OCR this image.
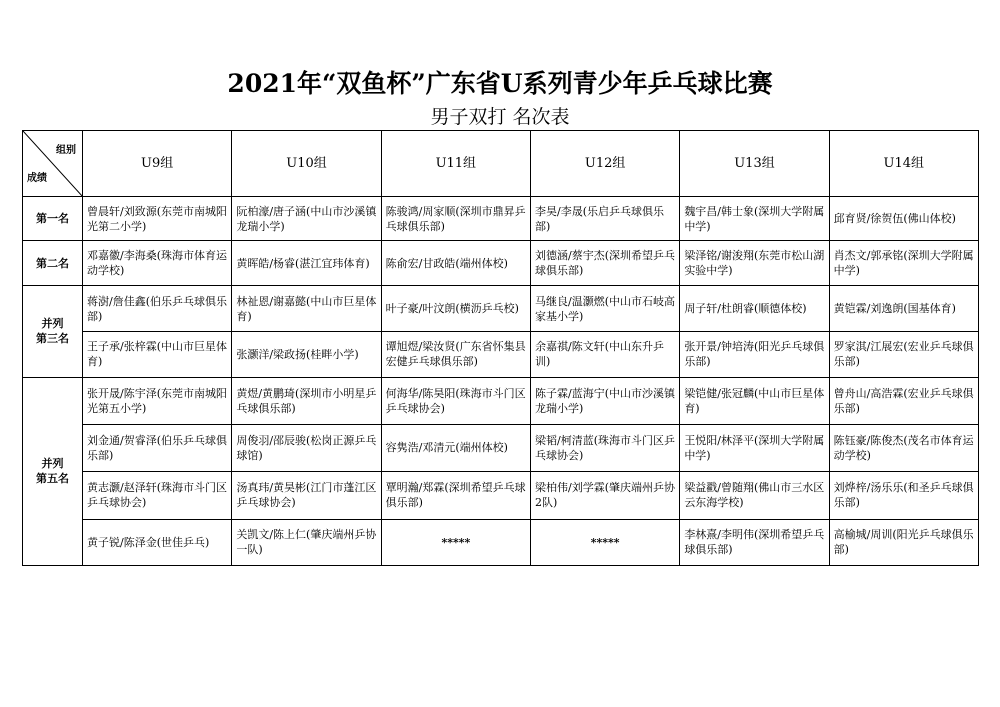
2021年“双鱼杯”广东省U系列青少年乒乓球比赛
男子双打 名次表
组别
成绩	U9组	U10组	U11组	U12组	U13组	U14组
第一名	曾晨轩/刘致源(东莞市南城阳光第二小学)	阮柏濠/唐子涵(中山市沙溪镇龙瑞小学)	陈骏鸿/周家顺(深圳市鼎昇乒乓球俱乐部)	李昊/李晟(乐启乒乓球俱乐部)	魏宇昌/韩士象(深圳大学附属中学)	邱育贤/徐贺伍(佛山体校)
第二名	邓嘉徽/李海桑(珠海市体育运动学校)	黄晖皓/杨睿(湛江宜玮体育)	陈俞宏/甘政皓(端州体校)	刘德涵/蔡宇杰(深圳希望乒乓球俱乐部)	梁泽铭/谢浚翔(东莞市松山湖实验中学)	肖杰文/郭承铭(深圳大学附属中学)

并列
第三名	蒋澍/詹佳鑫(伯乐乒乓球俱乐部)	林祉恩/谢嘉懿(中山市巨星体育)	叶子豪/叶汶朗(横沥乒乓校)	马继良/温灏燃(中山市石岐高家基小学)	周子轩/杜朗睿(顺德体校)	黄铠霖/刘逸朗(国基体育)
	王子承/张梓霖(中山市巨星体育)	张灏洋/梁政扬(桂畔小学)	谭旭煜/梁汝贤(广东省怀集县宏健乒乓球俱乐部)	余嘉祺/陈文轩(中山东升乒训)	张开景/钟培涛(阳光乒乓球俱乐部)	罗家淇/江展宏(宏业乒乓球俱乐部)

并列
第五名	张开晟/陈宇泽(东莞市南城阳光第五小学)	黄煜/黄鹏琦(深圳市小明星乒乓球俱乐部)	何海华/陈昊阳(珠海市斗门区乒乓球协会)	陈子霖/蓝海宁(中山市沙溪镇龙瑞小学)	梁铠健/张冠麟(中山市巨星体育)	曾舟山/高浩霖(宏业乒乓球俱乐部)
	刘金通/贺睿泽(伯乐乒乓球俱乐部)	周俊羽/邵辰骏(松岗正源乒乓球馆)	容隽浩/邓清元(端州体校)	梁韬/柯清蓝(珠海市斗门区乒乓球协会)	王悦阳/林泽平(深圳大学附属中学)	陈钰豪/陈俊杰(茂名市体育运动学校)
	黄志灏/赵泽轩(珠海市斗门区乒乓球协会)	汤真玮/黄昊彬(江门市蓬江区乒乓球协会)	覃明瀚/郑霖(深圳希望乒乓球俱乐部)	梁柏伟/刘学霖(肇庆端州乒协2队)	梁益戳/曾随翔(佛山市三水区云东海学校)	刘烨梓/汤乐乐(和圣乒乓球俱乐部)
	黄子锐/陈泽金(世佳乒乓)	关凯文/陈上仁(肇庆端州乒协一队)	*****	*****	李林熹/李明伟(深圳希望乒乓球俱乐部)	高榆城/周训(阳光乒乓球俱乐部)
